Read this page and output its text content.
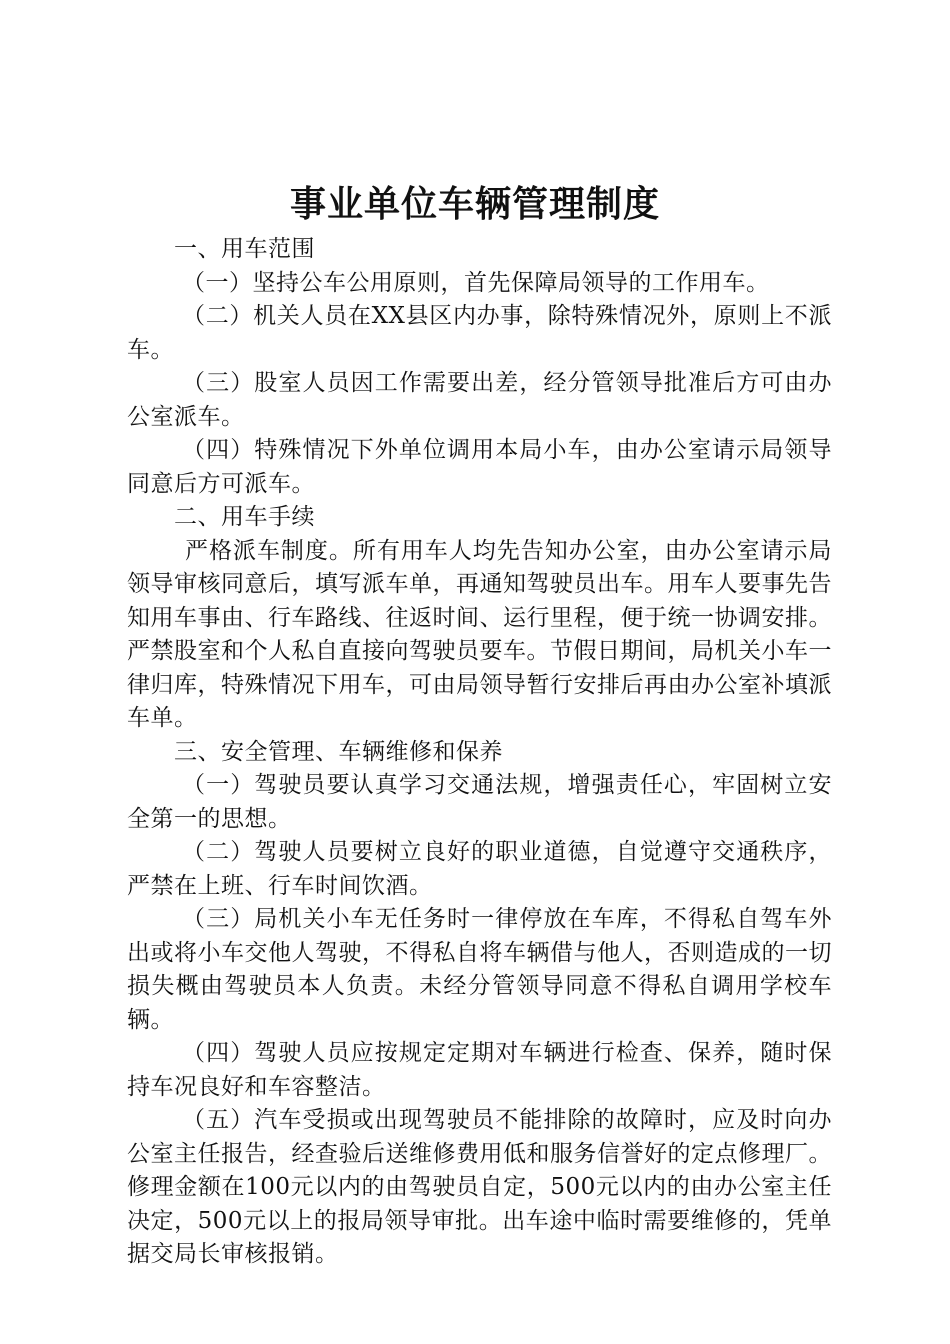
事业单位车辆管理制度

一、用车范围

（一）坚持公车公用原则，首先保障局领导的工作用车。

（二）机关人员在XX县区内办事，除特殊情况外，原则上不派车。

（三）股室人员因工作需要出差，经分管领导批准后方可由办公室派车。

（四）特殊情况下外单位调用本局小车，由办公室请示局领导同意后方可派车。

二、用车手续

严格派车制度。所有用车人均先告知办公室，由办公室请示局领导审核同意后，填写派车单，再通知驾驶员出车。用车人要事先告知用车事由、行车路线、往返时间、运行里程，便于统一协调安排。严禁股室和个人私自直接向驾驶员要车。节假日期间，局机关小车一律归库，特殊情况下用车，可由局领导暂行安排后再由办公室补填派车单。

三、安全管理、车辆维修和保养

（一）驾驶员要认真学习交通法规，增强责任心，牢固树立安全第一的思想。

（二）驾驶人员要树立良好的职业道德，自觉遵守交通秩序，严禁在上班、行车时间饮酒。

（三）局机关小车无任务时一律停放在车库，不得私自驾车外出或将小车交他人驾驶，不得私自将车辆借与他人，否则造成的一切损失概由驾驶员本人负责。未经分管领导同意不得私自调用学校车辆。

（四）驾驶人员应按规定定期对车辆进行检查、保养，随时保持车况良好和车容整洁。

（五）汽车受损或出现驾驶员不能排除的故障时，应及时向办公室主任报告，经查验后送维修费用低和服务信誉好的定点修理厂。修理金额在100元以内的由驾驶员自定，500元以内的由办公室主任决定，500元以上的报局领导审批。出车途中临时需要维修的，凭单据交局长审核报销。
